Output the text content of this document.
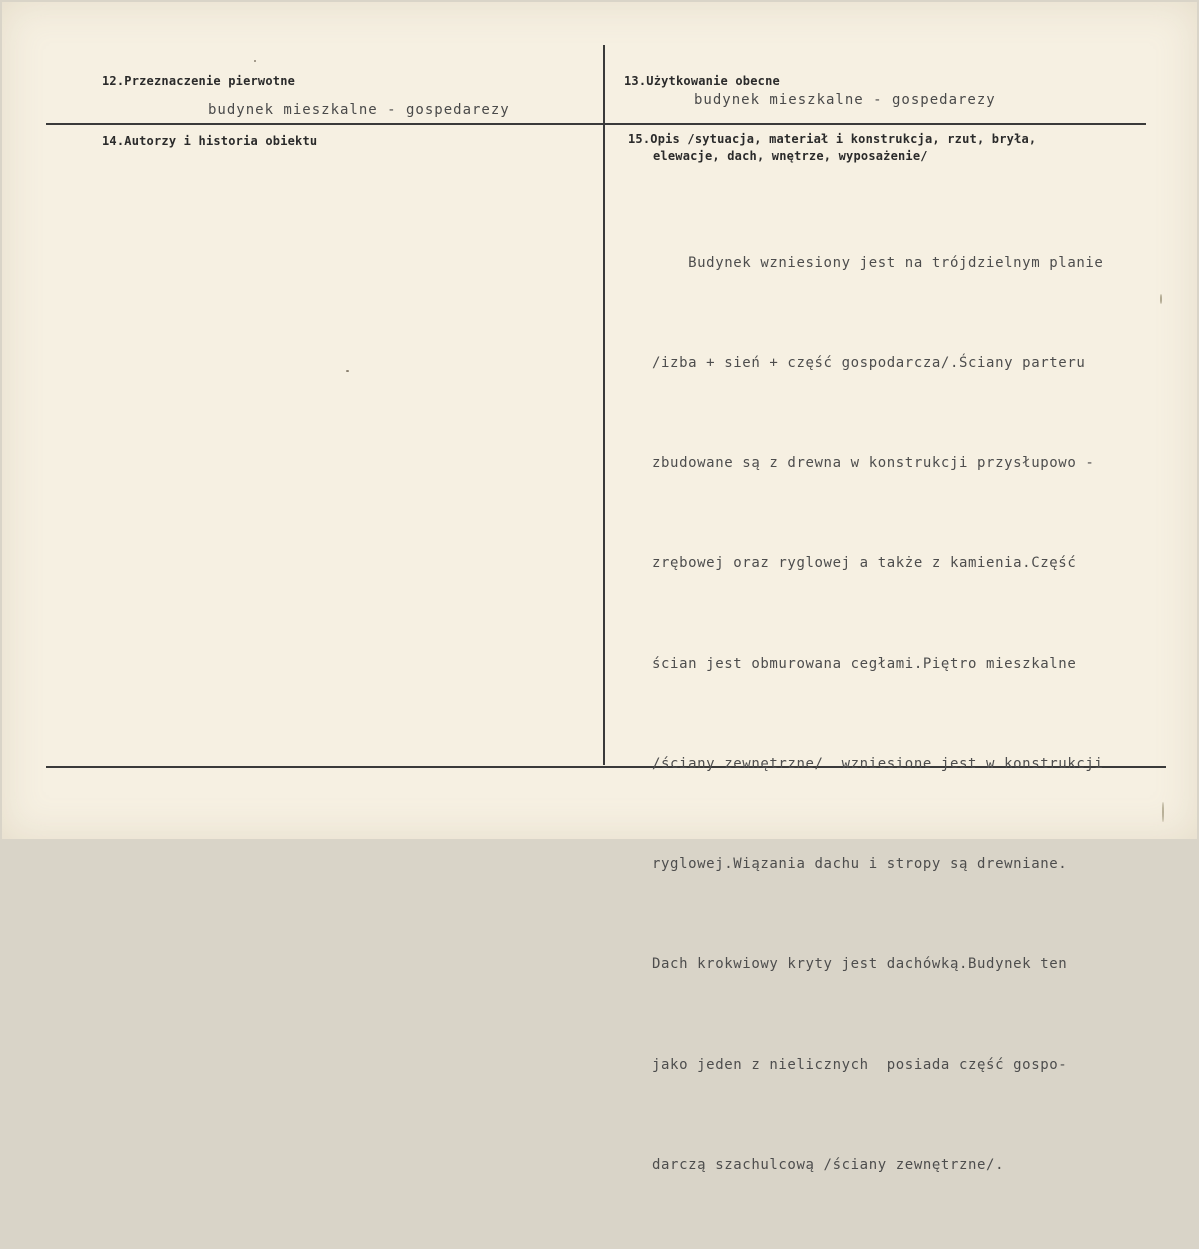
12.Przeznaczenie pierwotne
budynek mieszkalne - gospedarezy
13.Użytkowanie obecne
budynek mieszkalne - gospedarezy
14.Autorzy i historia obiektu	15.Opis /sytuacja, materiał i konstrukcja, rzut, bryła,
elewacje, dach, wnętrze, wyposażenie/

Budynek wzniesiony jest na trójdzielnym planie

/izba + sień + część gospodarcza/.Ściany parteru

zbudowane są z drewna w konstrukcji przysłupowo -

zrębowej oraz ryglowej a także z kamienia.Część

ścian jest obmurowana cegłami.Piętro mieszkalne

/ściany zewnętrzne/  wzniesione jest w konstrukcji

ryglowej.Wiązania dachu i stropy są drewniane.

Dach krokwiowy kryty jest dachówką.Budynek ten

jako jeden z nielicznych  posiada część gospo-

darczą szachulcową /ściany zewnętrzne/.
